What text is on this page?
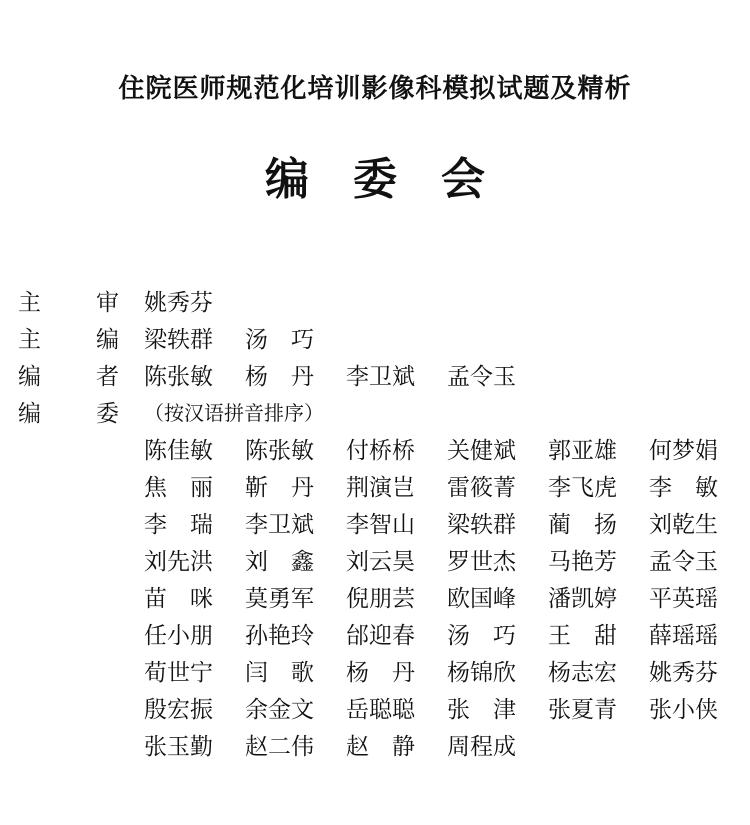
住院医师规范化培训影像科模拟试题及精析
编 委 会
主 审 姚秀芬
主 编 梁轶群	汤　巧
编 者 陈张敏	杨　丹	李卫斌	孟令玉
编 委 （按汉语拼音排序）
陈佳敏	陈张敏	付桥桥	关健斌	郭亚雄	何梦娟
焦　丽	靳　丹	荆演岂	雷筱菁	李飞虎	李　敏
李　瑞	李卫斌	李智山	梁轶群	蔺　扬	刘乾生
刘先洪	刘　鑫	刘云昊	罗世杰	马艳芳	孟令玉
苗　咪	莫勇军	倪朋芸	欧国峰	潘凯婷	平英瑶
任小朋	孙艳玲	邰迎春	汤　巧	王　甜	薛瑶瑶
荀世宁	闫　歌	杨　丹	杨锦欣	杨志宏	姚秀芬
殷宏振	余金文	岳聪聪	张　津	张夏青	张小侠
张玉勤	赵二伟	赵　静	周程成
